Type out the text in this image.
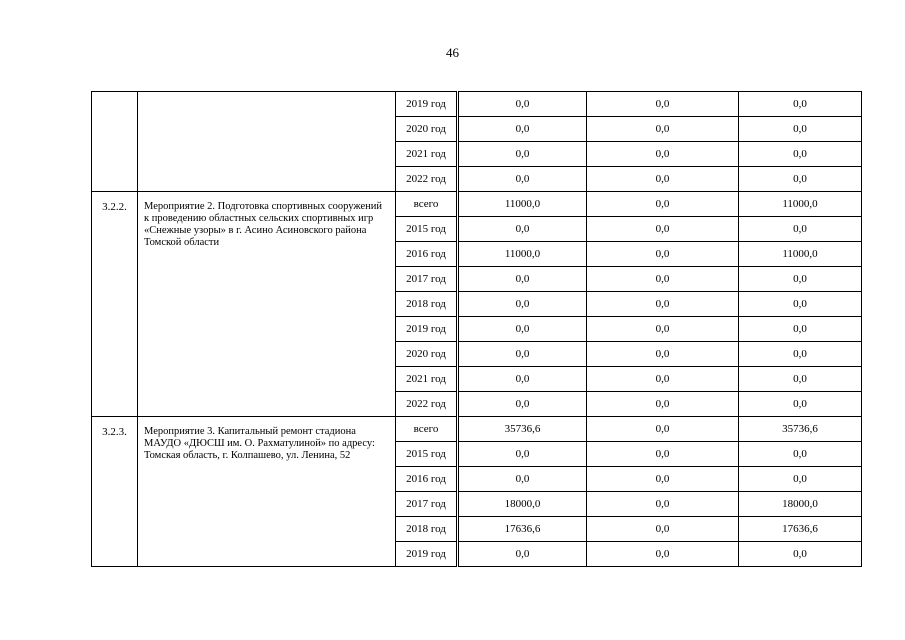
46
		2019 год	0,0	0,0	0,0
		2020 год	0,0	0,0	0,0
		2021 год	0,0	0,0	0,0
		2022 год	0,0	0,0	0,0
3.2.2.	Мероприятие 2. Подготовка спортивных сооружений к проведению областных сельских спортивных игр «Снежные узоры» в г. Асино Асиновского района Томской области	всего	11000,0	0,0	11000,0
		2015 год	0,0	0,0	0,0
		2016 год	11000,0	0,0	11000,0
		2017 год	0,0	0,0	0,0
		2018 год	0,0	0,0	0,0
		2019 год	0,0	0,0	0,0
		2020 год	0,0	0,0	0,0
		2021 год	0,0	0,0	0,0
		2022 год	0,0	0,0	0,0
3.2.3.	Мероприятие 3. Капитальный ремонт стадиона МАУДО «ДЮСШ им. О. Рахматулиной» по адресу: Томская область, г. Колпашево, ул. Ленина, 52	всего	35736,6	0,0	35736,6
		2015 год	0,0	0,0	0,0
		2016 год	0,0	0,0	0,0
		2017 год	18000,0	0,0	18000,0
		2018 год	17636,6	0,0	17636,6
		2019 год	0,0	0,0	0,0
